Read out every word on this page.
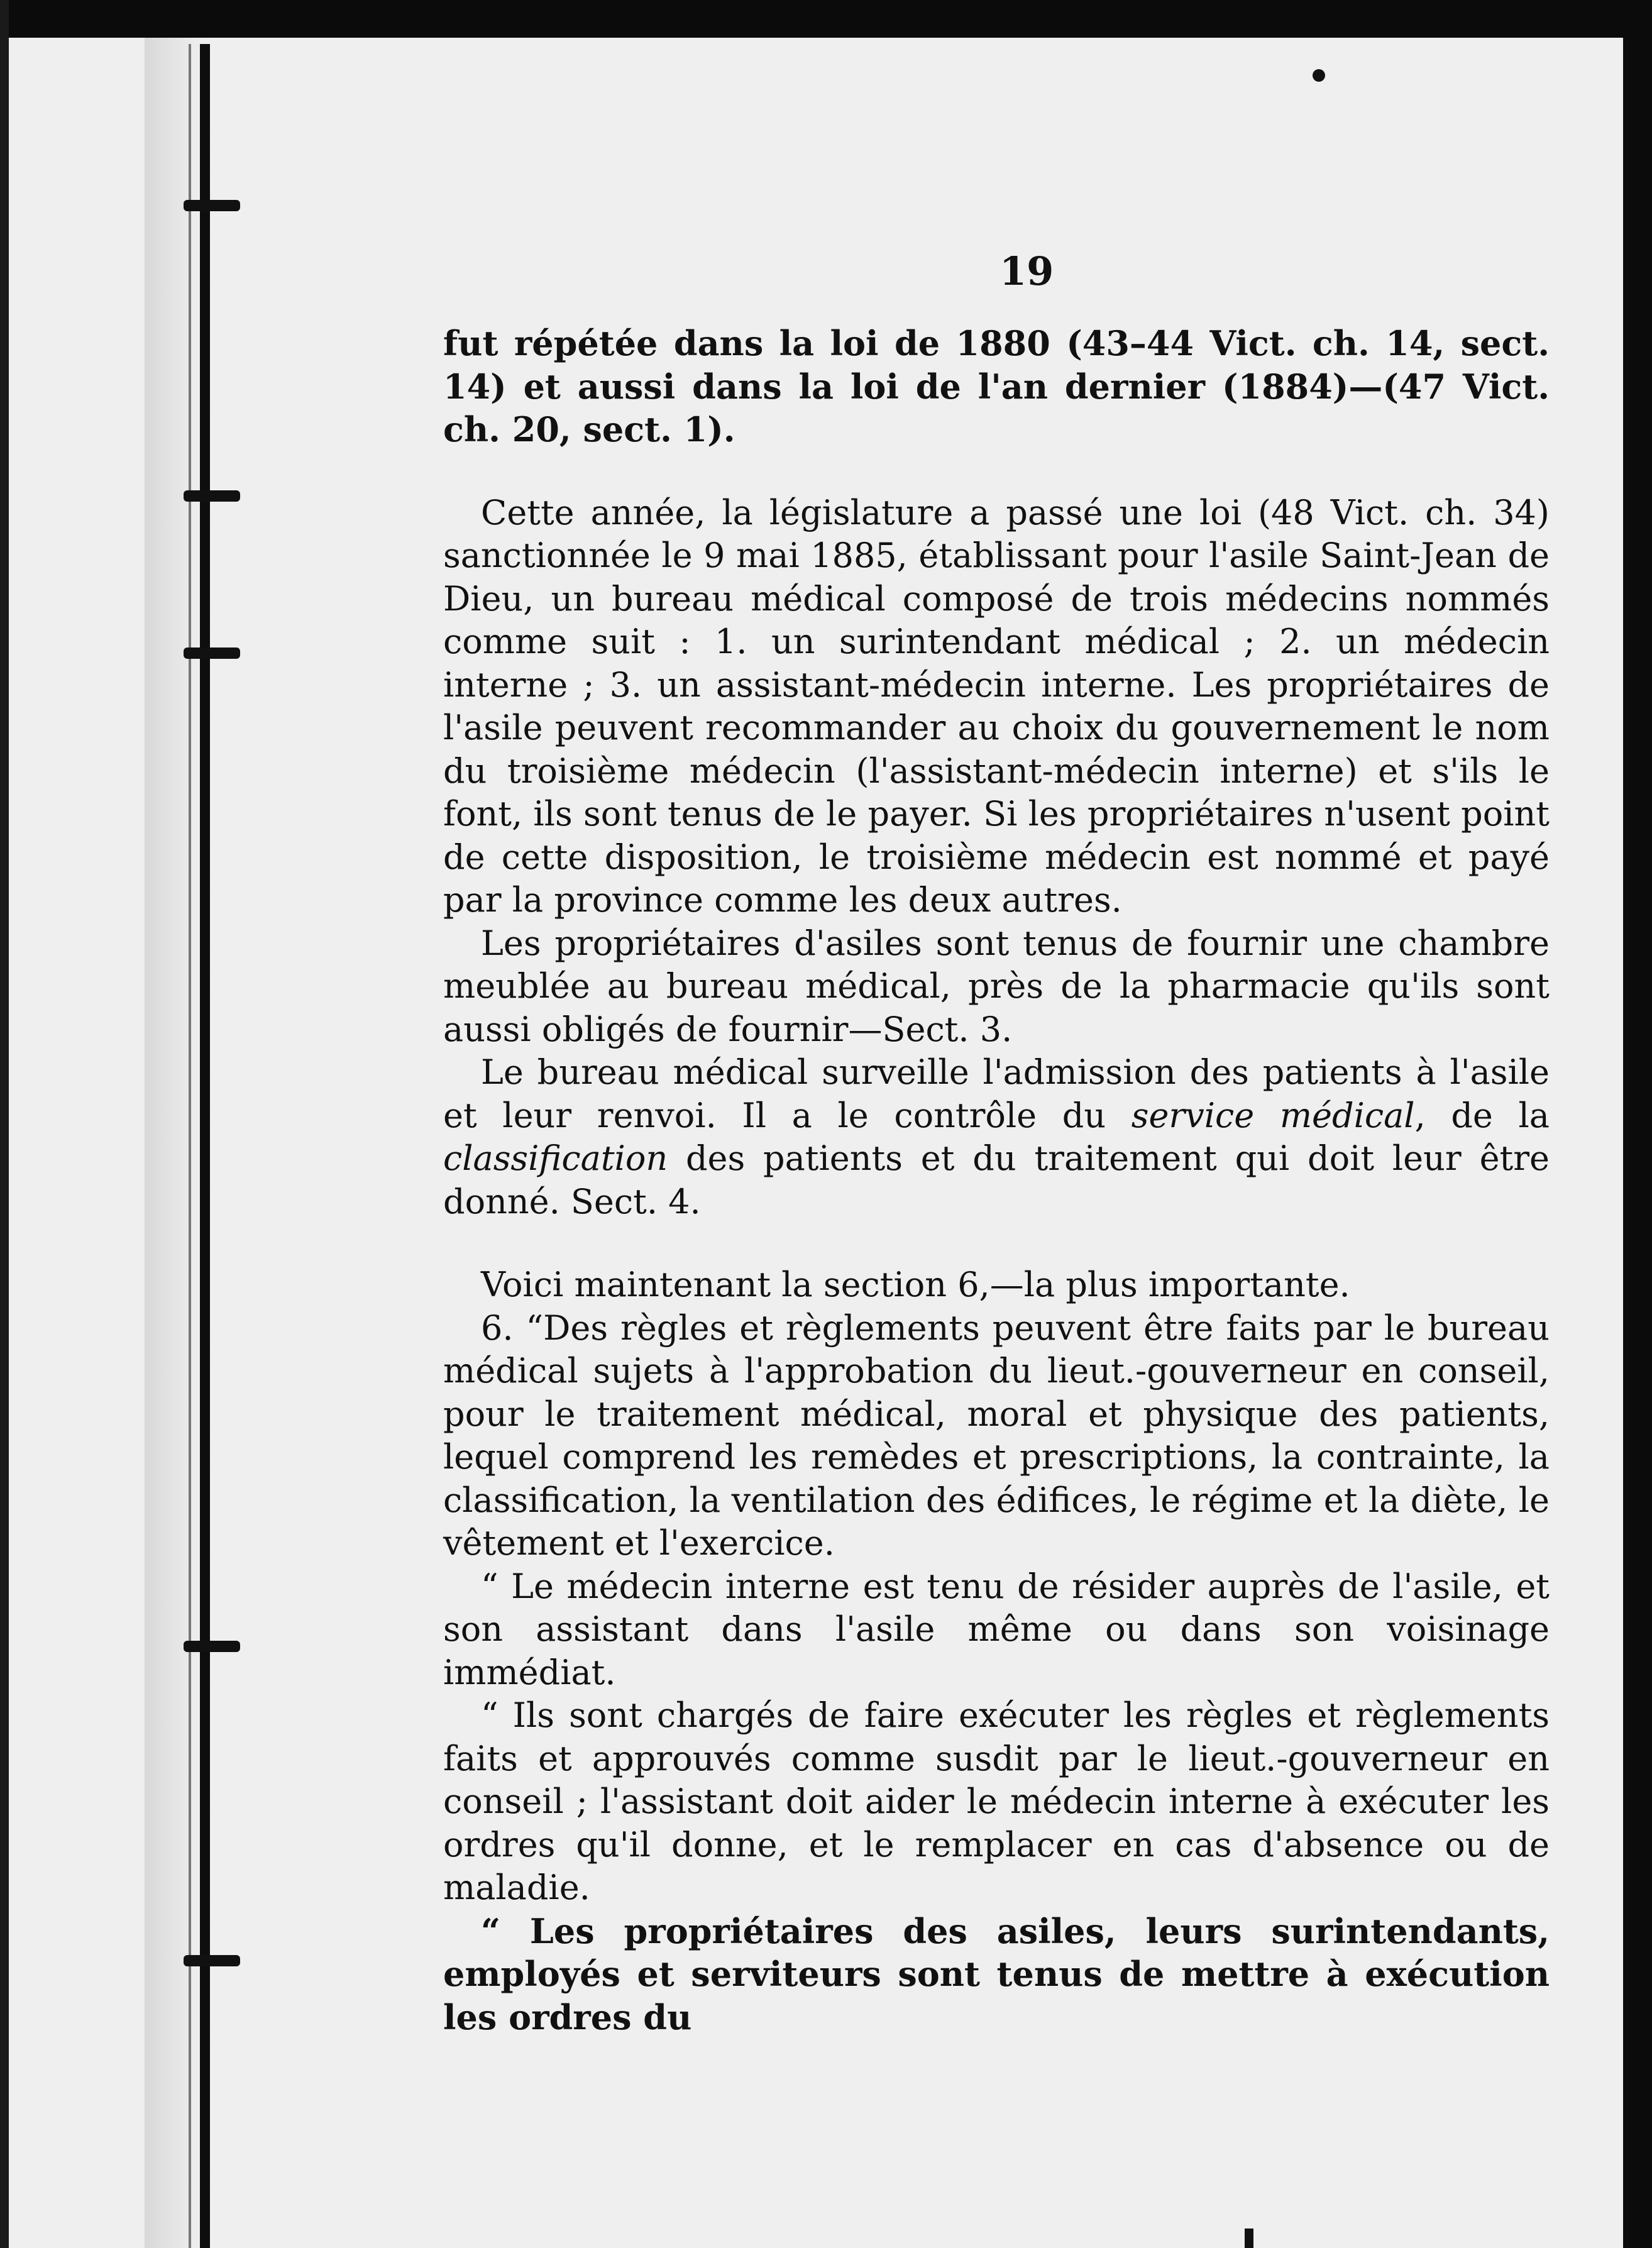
19

fut répétée dans la loi de 1880 (43–44 Vict. ch. 14, sect. 14) et aussi dans la loi de l'an dernier (1884)—(47 Vict. ch. 20, sect. 1).

Cette année, la législature a passé une loi (48 Vict. ch. 34) sanctionnée le 9 mai 1885, établissant pour l'asile Saint-Jean de Dieu, un bureau médical composé de trois médecins nommés comme suit : 1. un surintendant médical ; 2. un médecin interne ; 3. un assistant-médecin interne. Les propriétaires de l'asile peuvent recommander au choix du gouvernement le nom du troisième médecin (l'assistant-médecin interne) et s'ils le font, ils sont tenus de le payer. Si les propriétaires n'usent point de cette disposition, le troisième médecin est nommé et payé par la province comme les deux autres.

Les propriétaires d'asiles sont tenus de fournir une chambre meublée au bureau médical, près de la pharmacie qu'ils sont aussi obligés de fournir—Sect. 3.

Le bureau médical surveille l'admission des patients à l'asile et leur renvoi. Il a le contrôle du service médical, de la classification des patients et du traitement qui doit leur être donné. Sect. 4.

Voici maintenant la section 6,—la plus importante.

6. “Des règles et règlements peuvent être faits par le bureau médical sujets à l'approbation du lieut.-gouverneur en conseil, pour le traitement médical, moral et physique des patients, lequel comprend les remèdes et prescriptions, la contrainte, la classification, la ventilation des édifices, le régime et la diète, le vêtement et l'exercice.

“ Le médecin interne est tenu de résider auprès de l'asile, et son assistant dans l'asile même ou dans son voisinage immédiat.

“ Ils sont chargés de faire exécuter les règles et règlements faits et approuvés comme susdit par le lieut.-gouverneur en conseil ; l'assistant doit aider le médecin interne à exécuter les ordres qu'il donne, et le remplacer en cas d'absence ou de maladie.

“ Les propriétaires des asiles, leurs surintendants, employés et serviteurs sont tenus de mettre à exécution les ordres du
